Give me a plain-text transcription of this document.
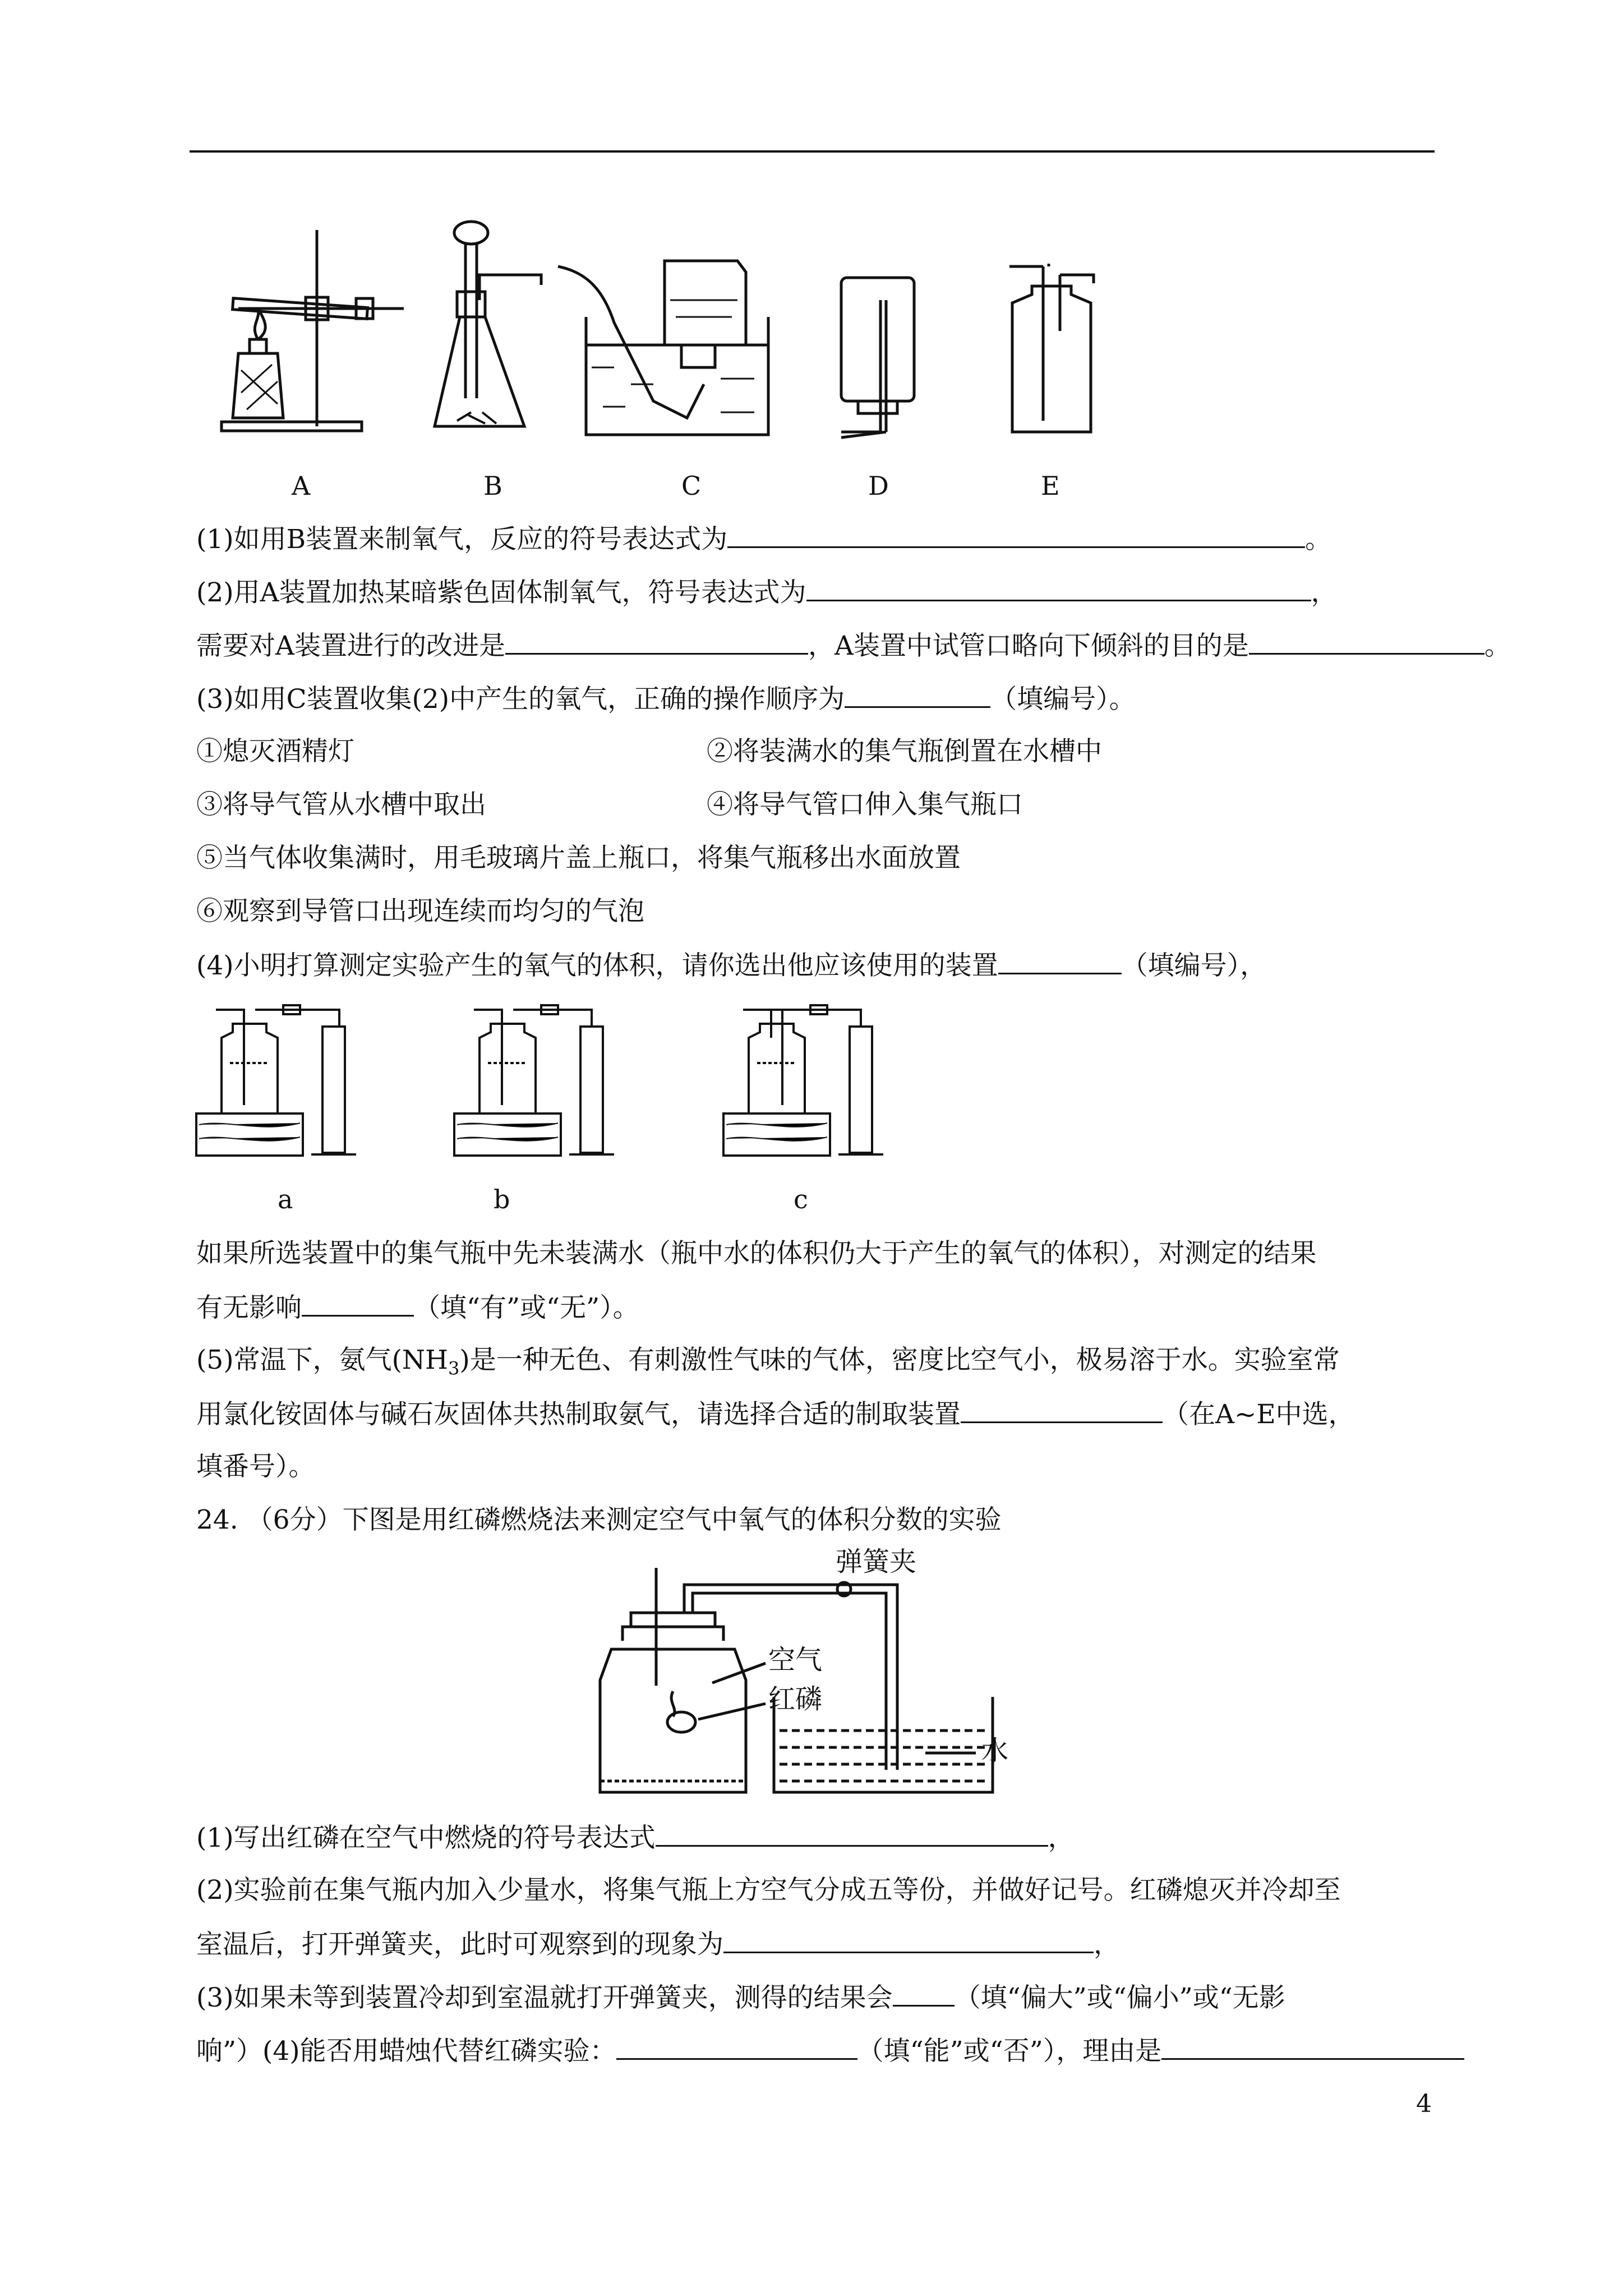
A	B	C	D	E
(1)如用B装置来制氧气，反应的符号表达式为	。
(2)用A装置加热某暗紫色固体制氧气，符号表达式为	，
需要对A装置进行的改进是	，A装置中试管口略向下倾斜的目的是	。
(3)如用C装置收集(2)中产生的氧气，正确的操作顺序为	（填编号）。
①熄灭酒精灯	②将装满水的集气瓶倒置在水槽中
③将导气管从水槽中取出	④将导气管口伸入集气瓶口
⑤当气体收集满时，用毛玻璃片盖上瓶口，将集气瓶移出水面放置
⑥观察到导管口出现连续而均匀的气泡
(4)小明打算测定实验产生的氧气的体积，请你选出他应该使用的装置	（填编号），
a	b	c
如果所选装置中的集气瓶中先未装满水（瓶中水的体积仍大于产生的氧气的体积），对测定的结果
有无影响	（填“有”或“无”）。
(5)常温下，氨气$(NH_3)$是一种无色、有刺激性气味的气体，密度比空气小，极易溶于水。实验室常
用氯化铵固体与碱石灰固体共热制取氨气，请选择合适的制取装置	（在A~E中选，
填番号）。
24. （6分）下图是用红磷燃烧法来测定空气中氧气的体积分数的实验
弹簧夹
空气
红磷
水
(1)写出红磷在空气中燃烧的符号表达式	，
(2)实验前在集气瓶内加入少量水，将集气瓶上方空气分成五等份，并做好记号。红磷熄灭并冷却至
室温后，打开弹簧夹，此时可观察到的现象为	，
(3)如果未等到装置冷却到室温就打开弹簧夹，测得的结果会 （填“偏大”或“偏小”或“无影
响”）(4)能否用蜡烛代替红磷实验：	（填“能”或“否”），理由是
4
